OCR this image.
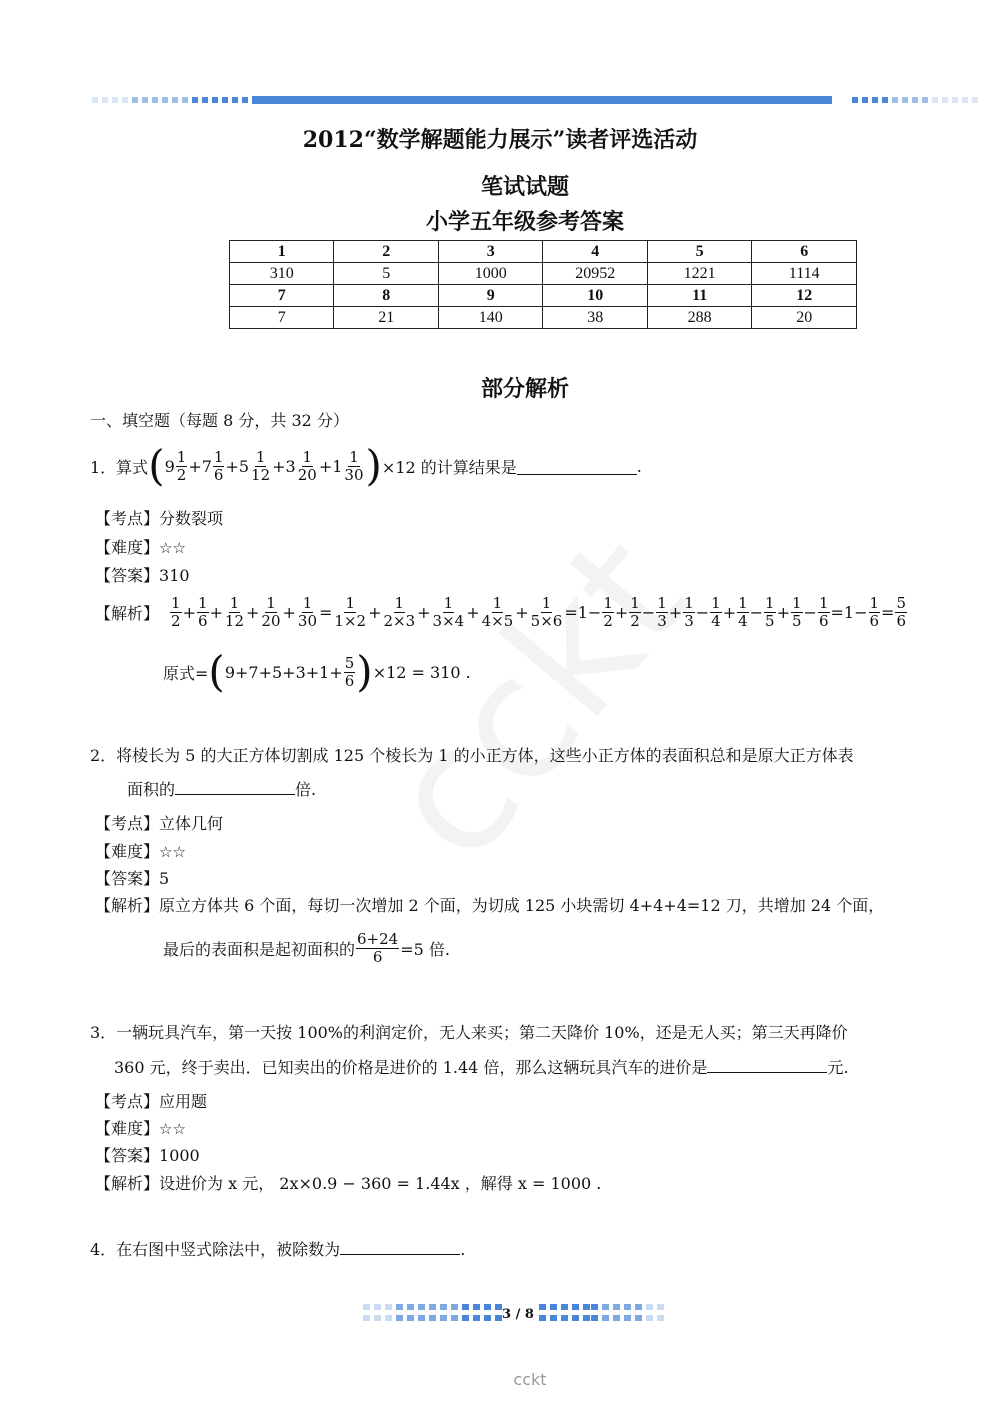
2012“数学解题能力展示”读者评选活动
笔试试题
小学五年级参考答案
1	2	3	4	5	6
310	5	1000	20952	1221	1114
7	8	9	10	11	12
7	21	140	38	288	20
部分解析
一、填空题（每题 8 分，共 32 分）
1．算式 ( $9 \frac{1}{2} +7 \frac{1}{6} +5 \frac{1}{12} +3 \frac{1}{20} +1 \frac{1}{30}$ ) ×12 的计算结果是	.
【考点】分数裂项
【难度】☆☆
【答案】310
【解析】 $\frac{1}{2} + \frac{1}{6} + \frac{1}{12} + \frac{1}{20} + \frac{1}{30} = \frac{1}{1\times 2} + \frac{1}{2\times 3} + \frac{1}{3\times 4} + \frac{1}{4\times 5} + \frac{1}{5\times 6} =1 - \frac{1}{2} + \frac{1}{2} - \frac{1}{3} + \frac{1}{3} - \frac{1}{4} + \frac{1}{4} - \frac{1}{5} + \frac{1}{5} - \frac{1}{6} =1 - \frac{1}{6} = \frac{5}{6}$
原式= ( $9+7+5+3+1+ \frac{5}{6}$ ) ×12 = 310 .
2．将棱长为 5 的大正方体切割成 125 个棱长为 1 的小正方体，这些小正方体的表面积总和是原大正方体表
面积的	倍.
【考点】立体几何
【难度】☆☆
【答案】5
【解析】原立方体共 6 个面，每切一次增加 2 个面，为切成 125 小块需切 4+4+4=12 刀，共增加 24 个面，
最后的表面积是起初面积的 $\frac{6+24}{6} =5$ 倍.
3．一辆玩具汽车，第一天按 100%的利润定价，无人来买；第二天降价 10%，还是无人买；第三天再降价
360 元，终于卖出．已知卖出的价格是进价的 1.44 倍，那么这辆玩具汽车的进价是	元.
【考点】应用题
【难度】☆☆
【答案】1000
【解析】设进价为 x 元， 2x×0.9 − 360 = 1.44x ，解得 x = 1000 .
4．在右图中竖式除法中，被除数为	.
3 / 8
cckt
